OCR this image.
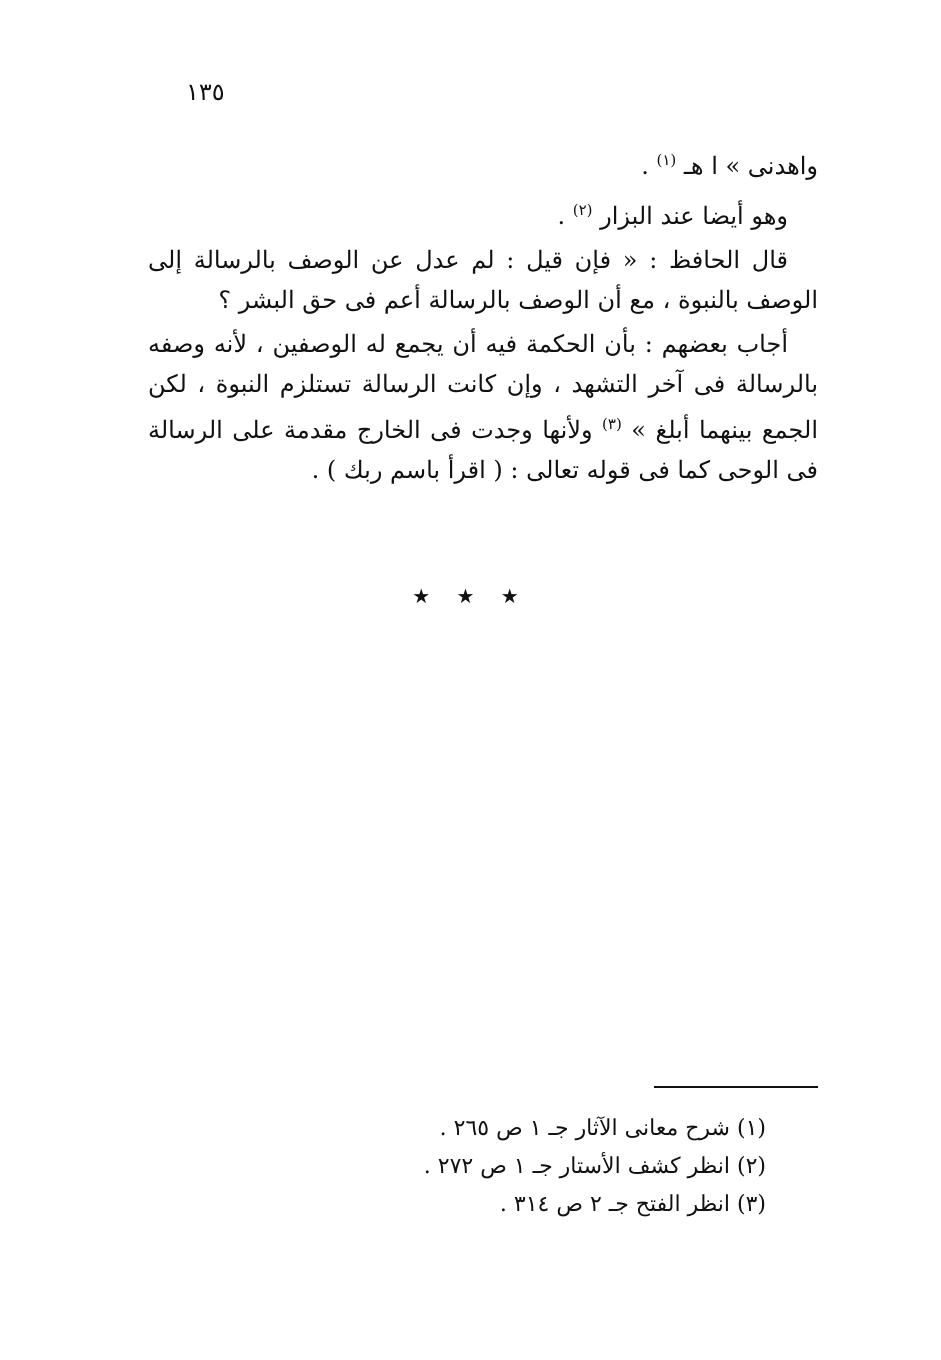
١٣٥

واهدنى » ا هـ $^{(١)}$ .

وهو أيضا عند البزار $^{(٢)}$ .

قال الحافظ : « فإن قيل : لم عدل عن الوصف بالرسالة إلى الوصف بالنبوة ، مع أن الوصف بالرسالة أعم فى حق البشر ؟

أجاب بعضهم : بأن الحكمة فيه أن يجمع له الوصفين ، لأنه وصفه بالرسالة فى آخر التشهد ، وإن كانت الرسالة تستلزم النبوة ، لكن الجمع بينهما أبلغ » $^{(٣)}$ ولأنها وجدت فى الخارج مقدمة على الرسالة فى الوحى كما فى قوله تعالى : ( اقرأ باسم ربك ) .

★ ★ ★
(١) شرح معانى الآثار جـ ١ ص ٢٦٥ .
(٢) انظر كشف الأستار جـ ١ ص ٢٧٢ .
(٣) انظر الفتح جـ ٢ ص ٣١٤ .
